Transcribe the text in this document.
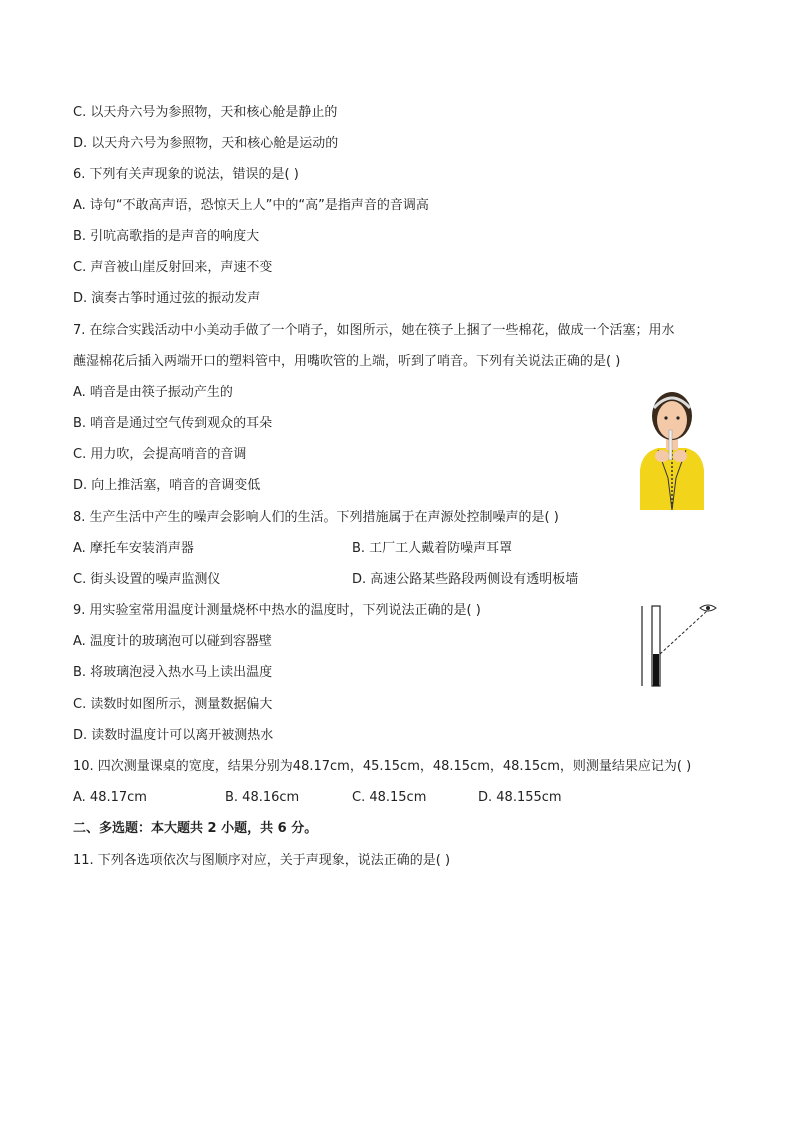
C. 以天舟六号为参照物，天和核心舱是静止的
D. 以天舟六号为参照物，天和核心舱是运动的
6. 下列有关声现象的说法，错误的是( )
A. 诗句“不敢高声语，恐惊天上人”中的“高”是指声音的音调高
B. 引吭高歌指的是声音的响度大
C. 声音被山崖反射回来，声速不变
D. 演奏古筝时通过弦的振动发声
7. 在综合实践活动中小美动手做了一个哨子，如图所示，她在筷子上捆了一些棉花，做成一个活塞；用水
蘸湿棉花后插入两端开口的塑料管中，用嘴吹管的上端，听到了哨音。下列有关说法正确的是( )
A. 哨音是由筷子振动产生的
B. 哨音是通过空气传到观众的耳朵
C. 用力吹，会提高哨音的音调
D. 向上推活塞，哨音的音调变低
8. 生产生活中产生的噪声会影响人们的生活。下列措施属于在声源处控制噪声的是( )
A. 摩托车安装消声器	B. 工厂工人戴着防噪声耳罩
C. 街头设置的噪声监测仪	D. 高速公路某些路段两侧设有透明板墙
9. 用实验室常用温度计测量烧杯中热水的温度时，下列说法正确的是( )
A. 温度计的玻璃泡可以碰到容器壁
B. 将玻璃泡浸入热水马上读出温度
C. 读数时如图所示，测量数据偏大
D. 读数时温度计可以离开被测热水
10. 四次测量课桌的宽度，结果分别为48.17cm，45.15cm，48.15cm，48.15cm，则测量结果应记为( )
A. 48.17cm	B. 48.16cm	C. 48.15cm	D. 48.155cm
二、多选题：本大题共 2 小题，共 6 分。
11. 下列各选项依次与图顺序对应，关于声现象，说法正确的是( )
